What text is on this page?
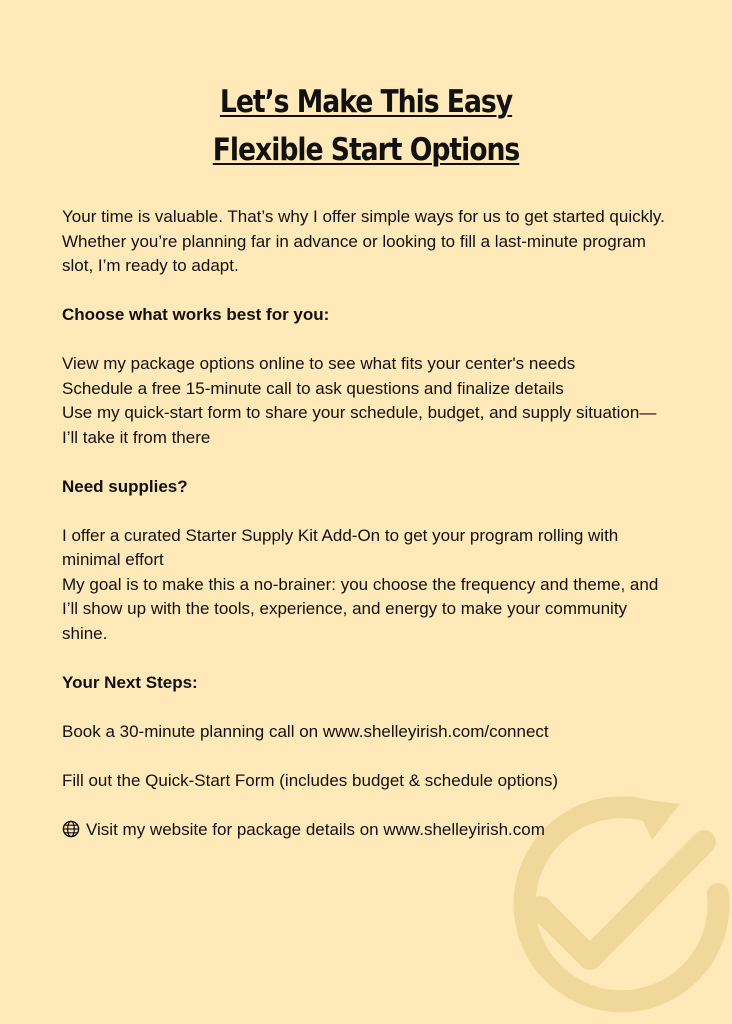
Let’s Make This Easy
Flexible Start Options

Your time is valuable. That’s why I offer simple ways for us to get started quickly. Whether you’re planning far in advance or looking to fill a last-minute program slot, I’m ready to adapt.

Choose what works best for you:

View my package options online to see what fits your center's needs

Schedule a free 15-minute call to ask questions and finalize details

Use my quick-start form to share your schedule, budget, and supply situation—I’ll take it from there

Need supplies?

I offer a curated Starter Supply Kit Add-On to get your program rolling with minimal effort

My goal is to make this a no-brainer: you choose the frequency and theme, and I’ll show up with the tools, experience, and energy to make your community shine.

Your Next Steps:

Book a 30-minute planning call on www.shelleyirish.com/connect

Fill out the Quick-Start Form (includes budget & schedule options)

Visit my website for package details on www.shelleyirish.com
